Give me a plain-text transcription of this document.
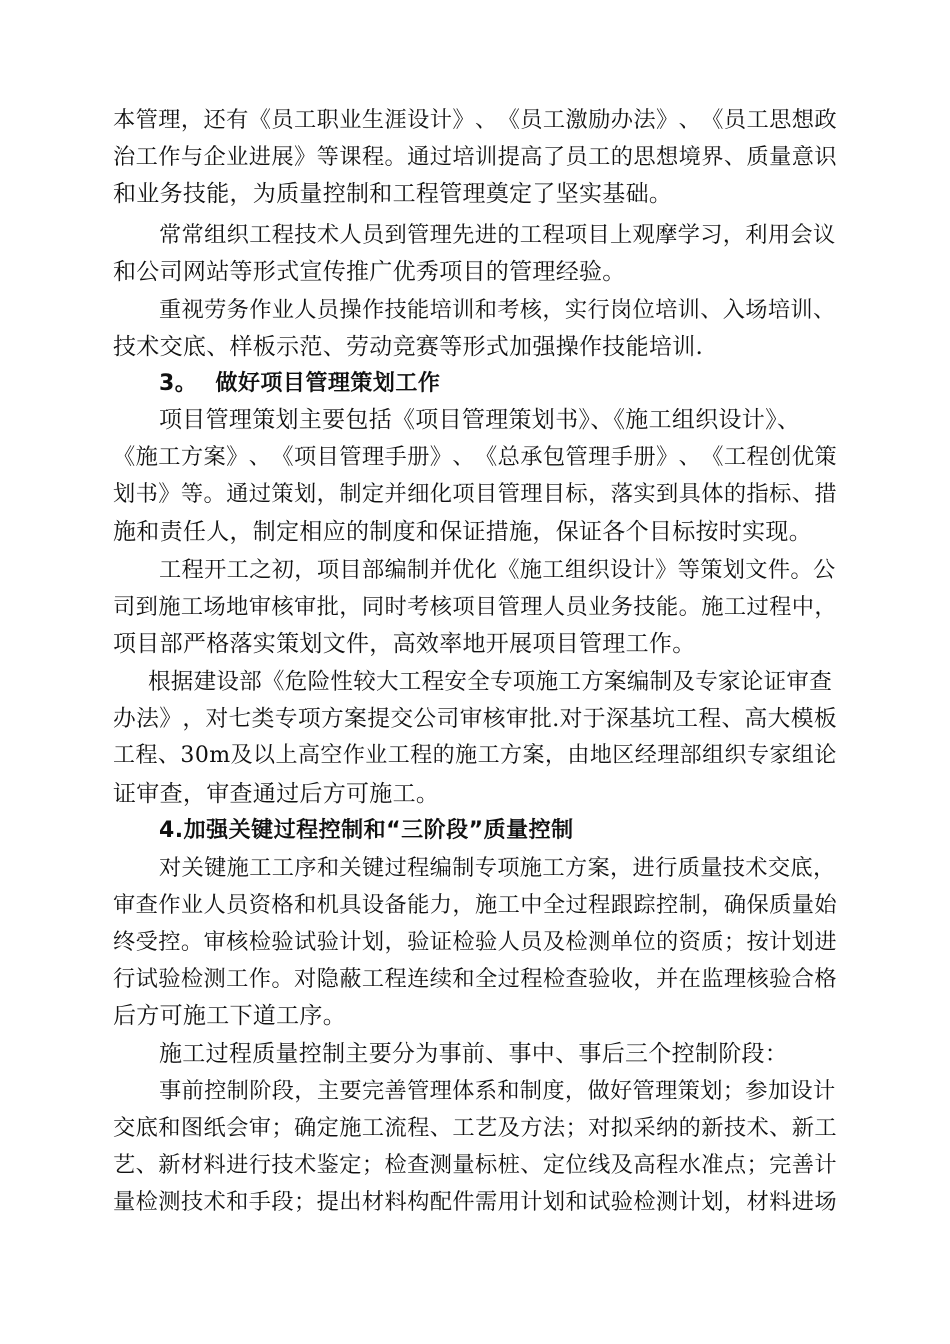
本 管 理 ， 还 有 《 员 工 职 业 生 涯 设 计 》 、 《 员 工 激 励 办 法 》 、 《 员 工 思 想 政
治 工 作 与 企 业 进 展 》 等 课 程 。 通 过 培 训 提 高 了 员 工 的 思 想 境 界 、 质 量 意 识
和业务技能，为质量控制和工程管理奠定了坚实基础。
常常组织工程技术人员到管理先进的工程项目上观摩学习，利用会议
和公司网站等形式宣传推广优秀项目的管理经验。
重视劳务作业人员操作技能培训和考核，实行岗位培训、入场培训、
技术交底、样板示范、劳动竞赛等形式加强操作技能培训.
3。 做好项目管理策划工作
项目管理策划主要包括《项目管理策划书》、《施工组织设计》、
《 施 工 方 案 》 、 《 项 目 管 理 手 册 》 、 《 总 承 包 管 理 手 册 》 、 《 工 程 创 优 策
划 书 》 等 。 通 过 策 划 ， 制 定 并 细 化 项 目 管 理 目 标 ， 落 实 到 具 体 的 指 标 、 措
施和责任人，制定相应的制度和保证措施，保证各个目标按时实现。
工程开工之初，项目部编制并优化《施工组织设计》等策划文件。公
司 到 施 工 场 地 审 核 审 批 ， 同 时 考 核 项 目 管 理 人 员 业 务 技 能 。 施 工 过 程 中 ，
项目部严格落实策划文件，高效率地开展项目管理工作。
根据建设部《危险性较大工程安全专项施工方案编制及专家论证审查
办 法 》 ， 对 七 类 专 项 方 案 提 交 公 司 审 核 审 批 . 对 于 深 基 坑 工 程 、 高 大 模 板
工 程 、 3 0 m 及 以 上 高 空 作 业 工 程 的 施 工 方 案 ， 由 地 区 经 理 部 组 织 专 家 组 论
证审查，审查通过后方可施工。
4.加强关键过程控制和“三阶段”质量控制
对关键施工工序和关键过程编制专项施工方案，进行质量技术交底，
审 查 作 业 人 员 资 格 和 机 具 设 备 能 力 ， 施 工 中 全 过 程 跟 踪 控 制 ， 确 保 质 量 始
终 受 控 。 审 核 检 验 试 验 计 划 ， 验 证 检 验 人 员 及 检 测 单 位 的 资 质 ； 按 计 划 进
行 试 验 检 测 工 作 。 对 隐 蔽 工 程 连 续 和 全 过 程 检 查 验 收 ， 并 在 监 理 核 验 合 格
后方可施工下道工序。
施工过程质量控制主要分为事前、事中、事后三个控制阶段：
事前控制阶段，主要完善管理体系和制度，做好管理策划；参加设计
交 底 和 图 纸 会 审 ； 确 定 施 工 流 程 、 工 艺 及 方 法 ； 对 拟 采 纳 的 新 技 术 、 新 工
艺 、 新 材 料 进 行 技 术 鉴 定 ； 检 查 测 量 标 桩 、 定 位 线 及 高 程 水 准 点 ； 完 善 计
量 检 测 技 术 和 手 段 ； 提 出 材 料 构 配 件 需 用 计 划 和 试 验 检 测 计 划 ， 材 料 进 场
